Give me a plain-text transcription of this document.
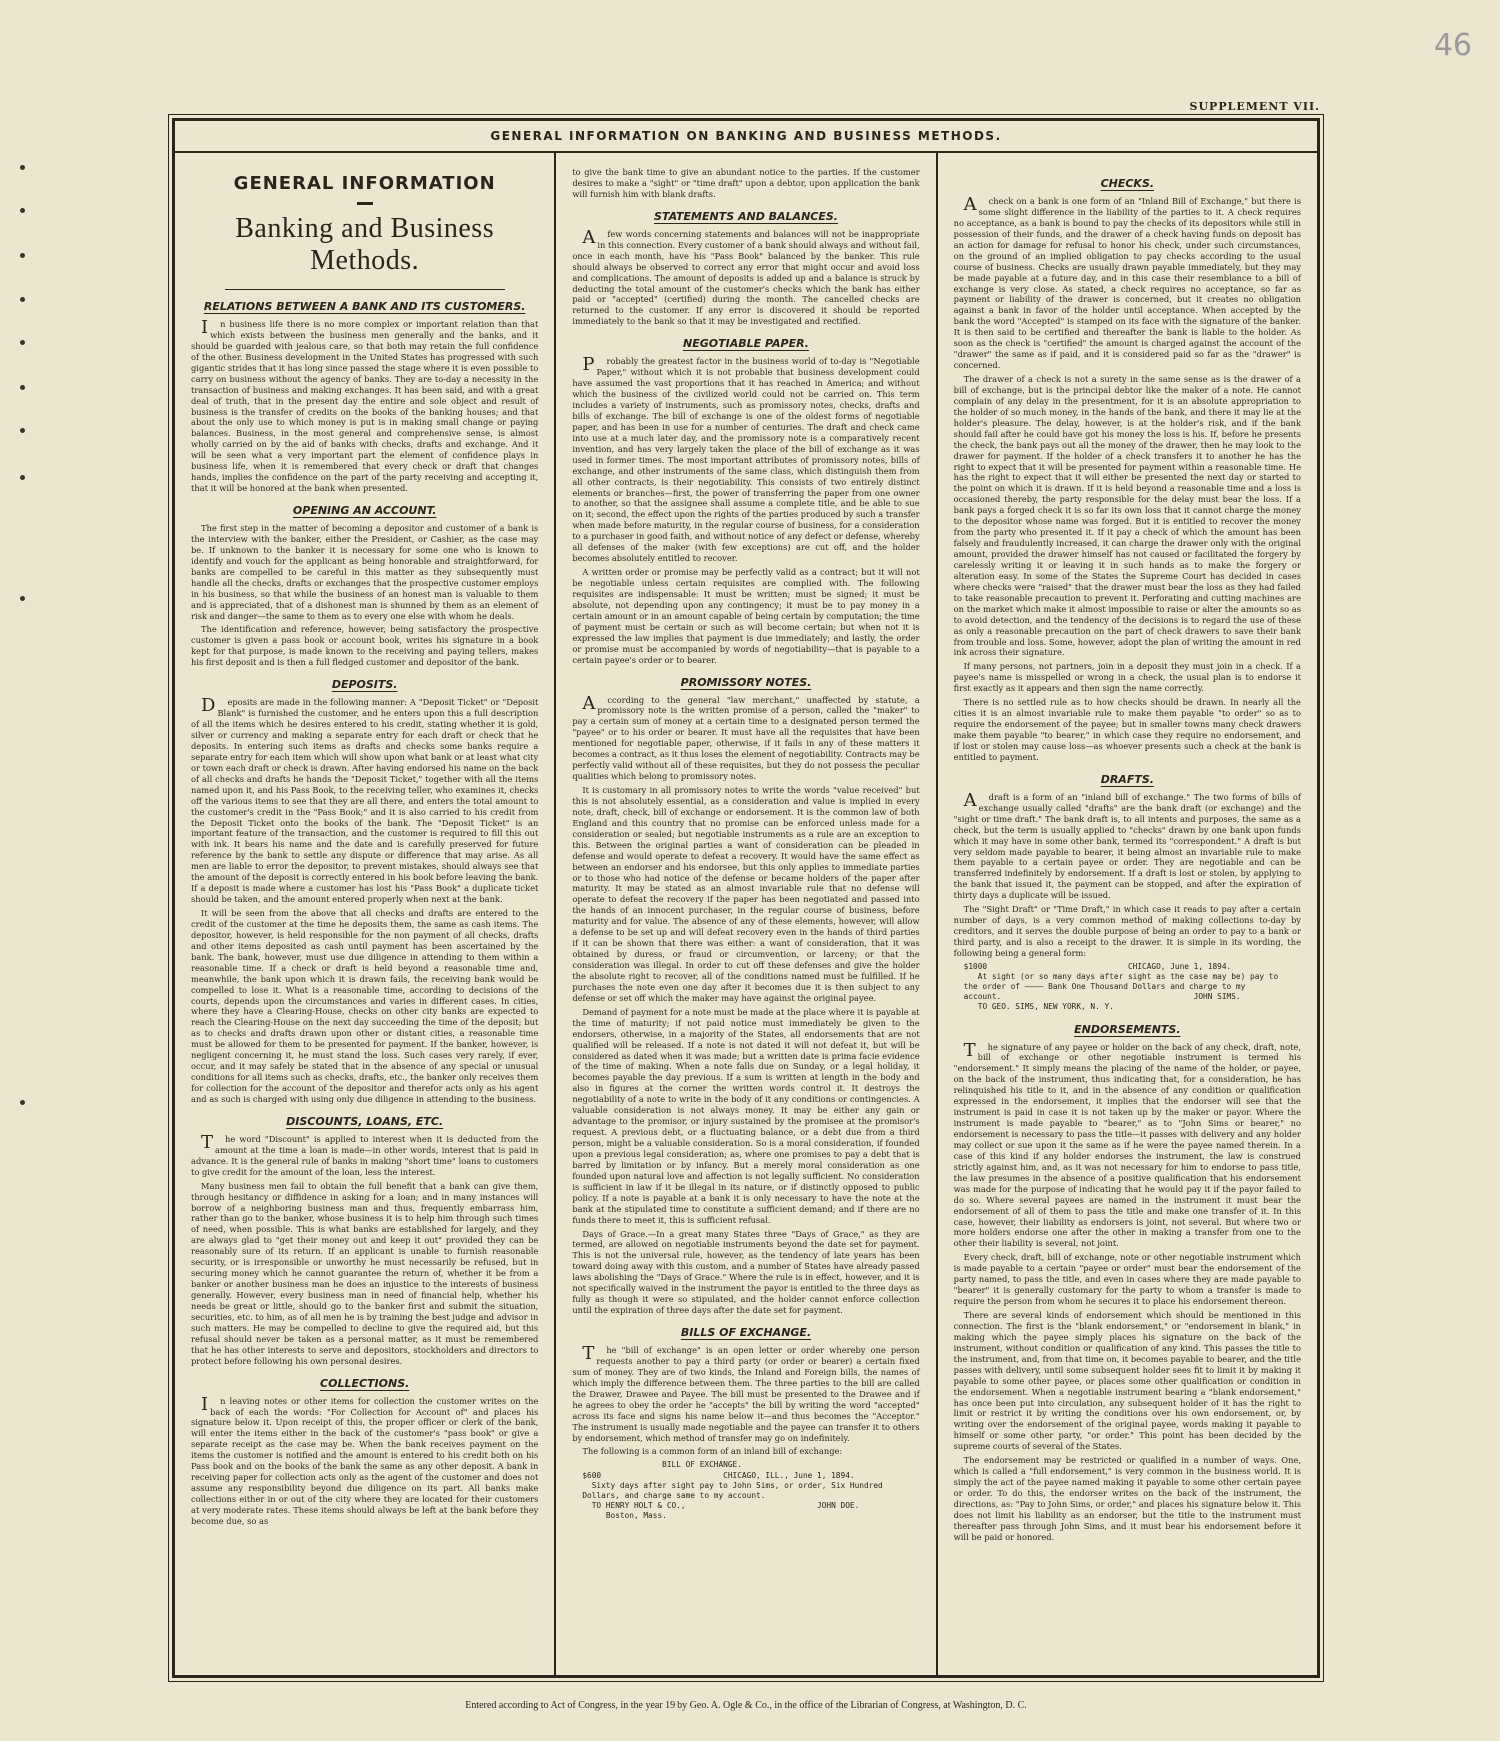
46
SUPPLEMENT VII.
GENERAL INFORMATION ON BANKING AND BUSINESS METHODS.
GENERAL INFORMATION
Banking and Business Methods.
RELATIONS BETWEEN A BANK AND ITS CUSTOMERS.

In business life there is no more complex or important relation than that which exists between the business men generally and the banks, and it should be guarded with jealous care, so that both may retain the full confidence of the other. Business development in the United States has progressed with such gigantic strides that it has long since passed the stage where it is even possible to carry on business without the agency of banks. They are to-day a necessity in the transaction of business and making exchanges. It has been said, and with a great deal of truth, that in the present day the entire and sole object and result of business is the transfer of credits on the books of the banking houses; and that about the only use to which money is put is in making small change or paying balances. Business, in the most general and comprehensive sense, is almost wholly carried on by the aid of banks with checks, drafts and exchange. And it will be seen what a very important part the element of confidence plays in business life, when it is remembered that every check or draft that changes hands, implies the confidence on the part of the party receiving and accepting it, that it will be honored at the bank when presented.

OPENING AN ACCOUNT.

The first step in the matter of becoming a depositor and customer of a bank is the interview with the banker, either the President, or Cashier, as the case may be. If unknown to the banker it is necessary for some one who is known to identify and vouch for the applicant as being honorable and straightforward, for banks are compelled to be careful in this matter as they subsequently must handle all the checks, drafts or exchanges that the prospective customer employs in his business, so that while the business of an honest man is valuable to them and is appreciated, that of a dishonest man is shunned by them as an element of risk and danger—the same to them as to every one else with whom he deals.

The identification and reference, however, being satisfactory the prospective customer is given a pass book or account book, writes his signature in a book kept for that purpose, is made known to the receiving and paying tellers, makes his first deposit and is then a full fledged customer and depositor of the bank.

DEPOSITS.

Deposits are made in the following manner: A "Deposit Ticket" or "Deposit Blank" is furnished the customer, and he enters upon this a full description of all the items which he desires entered to his credit, stating whether it is gold, silver or currency and making a separate entry for each draft or check that he deposits. In entering such items as drafts and checks some banks require a separate entry for each item which will show upon what bank or at least what city or town each draft or check is drawn. After having endorsed his name on the back of all checks and drafts he hands the "Deposit Ticket," together with all the items named upon it, and his Pass Book, to the receiving teller, who examines it, checks off the various items to see that they are all there, and enters the total amount to the customer's credit in the "Pass Book;" and it is also carried to his credit from the Deposit Ticket onto the books of the bank. The "Deposit Ticket" is an important feature of the transaction, and the customer is required to fill this out with ink. It bears his name and the date and is carefully preserved for future reference by the bank to settle any dispute or difference that may arise. As all men are liable to error the depositor, to prevent mistakes, should always see that the amount of the deposit is correctly entered in his book before leaving the bank. If a deposit is made where a customer has lost his "Pass Book" a duplicate ticket should be taken, and the amount entered properly when next at the bank.

It will be seen from the above that all checks and drafts are entered to the credit of the customer at the time he deposits them, the same as cash items. The depositor, however, is held responsible for the non payment of all checks, drafts and other items deposited as cash until payment has been ascertained by the bank. The bank, however, must use due diligence in attending to them within a reasonable time. If a check or draft is held beyond a reasonable time and, meanwhile, the bank upon which it is drawn fails, the receiving bank would be compelled to lose it. What is a reasonable time, according to decisions of the courts, depends upon the circumstances and varies in different cases. In cities, where they have a Clearing-House, checks on other city banks are expected to reach the Clearing-House on the next day succeeding the time of the deposit; but as to checks and drafts drawn upon other or distant cities, a reasonable time must be allowed for them to be presented for payment. If the banker, however, is negligent concerning it, he must stand the loss. Such cases very rarely, if ever, occur, and it may safely be stated that in the absence of any special or unusual conditions for all items such as checks, drafts, etc., the banker only receives them for collection for the account of the depositor and therefor acts only as his agent and as such is charged with using only due diligence in attending to the business.

DISCOUNTS, LOANS, ETC.

The word "Discount" is applied to interest when it is deducted from the amount at the time a loan is made—in other words, interest that is paid in advance. It is the general rule of banks in making "short time" loans to customers to give credit for the amount of the loan, less the interest.

Many business men fail to obtain the full benefit that a bank can give them, through hesitancy or diffidence in asking for a loan; and in many instances will borrow of a neighboring business man and thus, frequently embarrass him, rather than go to the banker, whose business it is to help him through such times of need, when possible. This is what banks are established for largely, and they are always glad to "get their money out and keep it out" provided they can be reasonably sure of its return. If an applicant is unable to furnish reasonable security, or is irresponsible or unworthy he must necessarily be refused, but in securing money which he cannot guarantee the return of, whether it be from a banker or another business man he does an injustice to the interests of business generally. However, every business man in need of financial help, whether his needs be great or little, should go to the banker first and submit the situation, securities, etc. to him, as of all men he is by training the best judge and advisor in such matters. He may be compelled to decline to give the required aid, but this refusal should never be taken as a personal matter, as it must be remembered that he has other interests to serve and depositors, stockholders and directors to protect before following his own personal desires.

COLLECTIONS.

In leaving notes or other items for collection the customer writes on the back of each the words: "For Collection for Account of" and places his signature below it. Upon receipt of this, the proper officer or clerk of the bank, will enter the items either in the back of the customer's "pass book" or give a separate receipt as the case may be. When the bank receives payment on the items the customer is notified and the amount is entered to his credit both on his Pass book and on the books of the bank the same as any other deposit. A bank in receiving paper for collection acts only as the agent of the customer and does not assume any responsibility beyond due diligence on its part. All banks make collections either in or out of the city where they are located for their customers at very moderate rates. These items should always be left at the bank before they become due, so as

to give the bank time to give an abundant notice to the parties. If the customer desires to make a "sight" or "time draft" upon a debtor, upon application the bank will furnish him with blank drafts.

STATEMENTS AND BALANCES.

Afew words concerning statements and balances will not be inappropriate in this connection. Every customer of a bank should always and without fail, once in each month, have his "Pass Book" balanced by the banker. This rule should always be observed to correct any error that might occur and avoid loss and complications. The amount of deposits is added up and a balance is struck by deducting the total amount of the customer's checks which the bank has either paid or "accepted" (certified) during the month. The cancelled checks are returned to the customer. If any error is discovered it should be reported immediately to the bank so that it may be investigated and rectified.

NEGOTIABLE PAPER.

Probably the greatest factor in the business world of to-day is "Negotiable Paper," without which it is not probable that business development could have assumed the vast proportions that it has reached in America; and without which the business of the civilized world could not be carried on. This term includes a variety of instruments, such as promissory notes, checks, drafts and bills of exchange. The bill of exchange is one of the oldest forms of negotiable paper, and has been in use for a number of centuries. The draft and check came into use at a much later day, and the promissory note is a comparatively recent invention, and has very largely taken the place of the bill of exchange as it was used in former times. The most important attributes of promissory notes, bills of exchange, and other instruments of the same class, which distinguish them from all other contracts, is their negotiability. This consists of two entirely distinct elements or branches—first, the power of transferring the paper from one owner to another, so that the assignee shall assume a complete title, and be able to sue on it; second, the effect upon the rights of the parties produced by such a transfer when made before maturity, in the regular course of business, for a consideration to a purchaser in good faith, and without notice of any defect or defense, whereby all defenses of the maker (with few exceptions) are cut off, and the holder becomes absolutely entitled to recover.

A written order or promise may be perfectly valid as a contract; but it will not be negotiable unless certain requisites are complied with. The following requisites are indispensable: It must be written; must be signed; it must be absolute, not depending upon any contingency; it must be to pay money in a certain amount or in an amount capable of being certain by computation; the time of payment must be certain or such as will become certain; but when not it is expressed the law implies that payment is due immediately; and lastly, the order or promise must be accompanied by words of negotiability—that is payable to a certain payee's order or to bearer.

PROMISSORY NOTES.

According to the general "law merchant," unaffected by statute, a promissory note is the written promise of a person, called the "maker" to pay a certain sum of money at a certain time to a designated person termed the "payee" or to his order or bearer. It must have all the requisites that have been mentioned for negotiable paper, otherwise, if it fails in any of these matters it becomes a contract, as it thus loses the element of negotiability. Contracts may be perfectly valid without all of these requisites, but they do not possess the peculiar qualities which belong to promissory notes.

It is customary in all promissory notes to write the words "value received" but this is not absolutely essential, as a consideration and value is implied in every note, draft, check, bill of exchange or endorsement. It is the common law of both England and this country that no promise can be enforced unless made for a consideration or sealed; but negotiable instruments as a rule are an exception to this. Between the original parties a want of consideration can be pleaded in defense and would operate to defeat a recovery. It would have the same effect as between an endorser and his endorsee, but this only applies to immediate parties or to those who had notice of the defense or became holders of the paper after maturity. It may be stated as an almost invariable rule that no defense will operate to defeat the recovery if the paper has been negotiated and passed into the hands of an innocent purchaser, in the regular course of business, before maturity and for value. The absence of any of these elements, however, will allow a defense to be set up and will defeat recovery even in the hands of third parties if it can be shown that there was either: a want of consideration, that it was obtained by duress, or fraud or circumvention, or larceny; or that the consideration was illegal. In order to cut off these defenses and give the holder the absolute right to recover, all of the conditions named must be fulfilled. If he purchases the note even one day after it becomes due it is then subject to any defense or set off which the maker may have against the original payee.

Demand of payment for a note must be made at the place where it is payable at the time of maturity; if not paid notice must immediately be given to the endorsers, otherwise, in a majority of the States, all endorsements that are not qualified will be released. If a note is not dated it will not defeat it, but will be considered as dated when it was made; but a written date is prima facie evidence of the time of making. When a note falls due on Sunday, or a legal holiday, it becomes payable the day previous. If a sum is written at length in the body and also in figures at the corner the written words control it. It destroys the negotiability of a note to write in the body of it any conditions or contingencies. A valuable consideration is not always money. It may be either any gain or advantage to the promisor, or injury sustained by the promisee at the promisor's request. A previous debt, or a fluctuating balance, or a debt due from a third person, might be a valuable consideration. So is a moral consideration, if founded upon a previous legal consideration; as, where one promises to pay a debt that is barred by limitation or by infancy. But a merely moral consideration as one founded upon natural love and affection is not legally sufficient. No consideration is sufficient in law if it be illegal in its nature, or if distinctly opposed to public policy. If a note is payable at a bank it is only necessary to have the note at the bank at the stipulated time to constitute a sufficient demand; and if there are no funds there to meet it, this is sufficient refusal.

Days of Grace.—In a great many States three "Days of Grace," as they are termed, are allowed on negotiable instruments beyond the date set for payment. This is not the universal rule, however, as the tendency of late years has been toward doing away with this custom, and a number of States have already passed laws abolishing the "Days of Grace." Where the rule is in effect, however, and it is not specifically waived in the instrument the payor is entitled to the three days as fully as though it were so stipulated, and the holder cannot enforce collection until the expiration of three days after the date set for payment.

BILLS OF EXCHANGE.

The "bill of exchange" is an open letter or order whereby one person requests another to pay a third party (or order or bearer) a certain fixed sum of money. They are of two kinds, the Inland and Foreign bills, the names of which imply the difference between them. The three parties to the bill are called the Drawer, Drawee and Payee. The bill must be presented to the Drawee and if he agrees to obey the order he "accepts" the bill by writing the word "accepted" across its face and signs his name below it—and thus becomes the "Acceptor." The instrument is usually made negotiable and the payee can transfer it to others by endorsement, which method of transfer may go on indefinitely.

The following is a common form of an inland bill of exchange:

BILL OF EXCHANGE.
$600                          CHICAGO, ILL., June 1, 1894.
Sixty days after sight pay to John Sims, or order, Six Hundred
Dollars, and charge same to my account.
TO HENRY HOLT & CO.,                            JOHN DOE.
Boston, Mass.
CHECKS.

Acheck on a bank is one form of an "Inland Bill of Exchange," but there is some slight difference in the liability of the parties to it. A check requires no acceptance, as a bank is bound to pay the checks of its depositors while still in possession of their funds, and the drawer of a check having funds on deposit has an action for damage for refusal to honor his check, under such circumstances, on the ground of an implied obligation to pay checks according to the usual course of business. Checks are usually drawn payable immediately, but they may be made payable at a future day, and in this case their resemblance to a bill of exchange is very close. As stated, a check requires no acceptance, so far as payment or liability of the drawer is concerned, but it creates no obligation against a bank in favor of the holder until acceptance. When accepted by the bank the word "Accepted" is stamped on its face with the signature of the banker. It is then said to be certified and thereafter the bank is liable to the holder. As soon as the check is "certified" the amount is charged against the account of the "drawer" the same as if paid, and it is considered paid so far as the "drawer" is concerned.

The drawer of a check is not a surety in the same sense as is the drawer of a bill of exchange, but is the principal debtor like the maker of a note. He cannot complain of any delay in the presentment, for it is an absolute appropriation to the holder of so much money, in the hands of the bank, and there it may lie at the holder's pleasure. The delay, however, is at the holder's risk, and if the bank should fail after he could have got his money the loss is his. If, before he presents the check, the bank pays out all the money of the drawer, then he may look to the drawer for payment. If the holder of a check transfers it to another he has the right to expect that it will be presented for payment within a reasonable time. He has the right to expect that it will either be presented the next day or started to the point on which it is drawn. If it is held beyond a reasonable time and a loss is occasioned thereby, the party responsible for the delay must bear the loss. If a bank pays a forged check it is so far its own loss that it cannot charge the money to the depositor whose name was forged. But it is entitled to recover the money from the party who presented it. If it pay a check of which the amount has been falsely and fraudulently increased, it can charge the drawer only with the original amount, provided the drawer himself has not caused or facilitated the forgery by carelessly writing it or leaving it in such hands as to make the forgery or alteration easy. In some of the States the Supreme Court has decided in cases where checks were "raised" that the drawer must bear the loss as they had failed to take reasonable precaution to prevent it. Perforating and cutting machines are on the market which make it almost impossible to raise or alter the amounts so as to avoid detection, and the tendency of the decisions is to regard the use of these as only a reasonable precaution on the part of check drawers to save their bank from trouble and loss. Some, however, adopt the plan of writing the amount in red ink across their signature.

If many persons, not partners, join in a deposit they must join in a check. If a payee's name is misspelled or wrong in a check, the usual plan is to endorse it first exactly as it appears and then sign the name correctly.

There is no settled rule as to how checks should be drawn. In nearly all the cities it is an almost invariable rule to make them payable "to order" so as to require the endorsement of the payee; but in smaller towns many check drawers make them payable "to bearer," in which case they require no endorsement, and if lost or stolen may cause loss—as whoever presents such a check at the bank is entitled to payment.

DRAFTS.

Adraft is a form of an "inland bill of exchange." The two forms of bills of exchange usually called "drafts" are the bank draft (or exchange) and the "sight or time draft." The bank draft is, to all intents and purposes, the same as a check, but the term is usually applied to "checks" drawn by one bank upon funds which it may have in some other bank, termed its "correspondent." A draft is but very seldom made payable to bearer, it being almost an invariable rule to make them payable to a certain payee or order. They are negotiable and can be transferred indefinitely by endorsement. If a draft is lost or stolen, by applying to the bank that issued it, the payment can be stopped, and after the expiration of thirty days a duplicate will be issued.

The "Sight Draft" or "Time Draft," in which case it reads to pay after a certain number of days, is a very common method of making collections to-day by creditors, and it serves the double purpose of being an order to pay to a bank or third party, and is also a receipt to the drawer. It is simple in its wording, the following being a general form:

$1000                              CHICAGO, June 1, 1894.
At sight (or so many days after sight as the case may be) pay to
the order of ———— Bank One Thousand Dollars and charge to my
account.                                         JOHN SIMS.
TO GEO. SIMS, NEW YORK, N. Y.
ENDORSEMENTS.

The signature of any payee or holder on the back of any check, draft, note, bill of exchange or other negotiable instrument is termed his "endorsement." It simply means the placing of the name of the holder, or payee, on the back of the instrument, thus indicating that, for a consideration, he has relinquished his title to it, and in the absence of any condition or qualification expressed in the endorsement, it implies that the endorser will see that the instrument is paid in case it is not taken up by the maker or payor. Where the instrument is made payable to "bearer," as to "John Sims or bearer," no endorsement is necessary to pass the title—it passes with delivery and any holder may collect or sue upon it the same as if he were the payee named therein. In a case of this kind if any holder endorses the instrument, the law is construed strictly against him, and, as it was not necessary for him to endorse to pass title, the law presumes in the absence of a positive qualification that his endorsement was made for the purpose of indicating that he would pay it if the payor failed to do so. Where several payees are named in the instrument it must bear the endorsement of all of them to pass the title and make one transfer of it. In this case, however, their liability as endorsers is joint, not several. But where two or more holders endorse one after the other in making a transfer from one to the other their liability is several, not joint.

Every check, draft, bill of exchange, note or other negotiable instrument which is made payable to a certain "payee or order" must bear the endorsement of the party named, to pass the title, and even in cases where they are made payable to "bearer" it is generally customary for the party to whom a transfer is made to require the person from whom he secures it to place his endorsement thereon.

There are several kinds of endorsement which should be mentioned in this connection. The first is the "blank endorsement," or "endorsement in blank," in making which the payee simply places his signature on the back of the instrument, without condition or qualification of any kind. This passes the title to the instrument, and, from that time on, it becomes payable to bearer, and the title passes with delivery, until some subsequent holder sees fit to limit it by making it payable to some other payee, or places some other qualification or condition in the endorsement. When a negotiable instrument bearing a "blank endorsement," has once been put into circulation, any subsequent holder of it has the right to limit or restrict it by writing the conditions over his own endorsement, or, by writing over the endorsement of the original payee, words making it payable to himself or some other party, "or order." This point has been decided by the supreme courts of several of the States.

The endorsement may be restricted or qualified in a number of ways. One, which is called a "full endorsement," is very common in the business world. It is simply the act of the payee named making it payable to some other certain payee or order. To do this, the endorser writes on the back of the instrument, the directions, as: "Pay to John Sims, or order," and places his signature below it. This does not limit his liability as an endorser, but the title to the instrument must thereafter pass through John Sims, and it must bear his endorsement before it will be paid or honored.

Entered according to Act of Congress, in the year 19 by Geo. A. Ogle & Co., in the office of the Librarian of Congress, at Washington, D. C.
